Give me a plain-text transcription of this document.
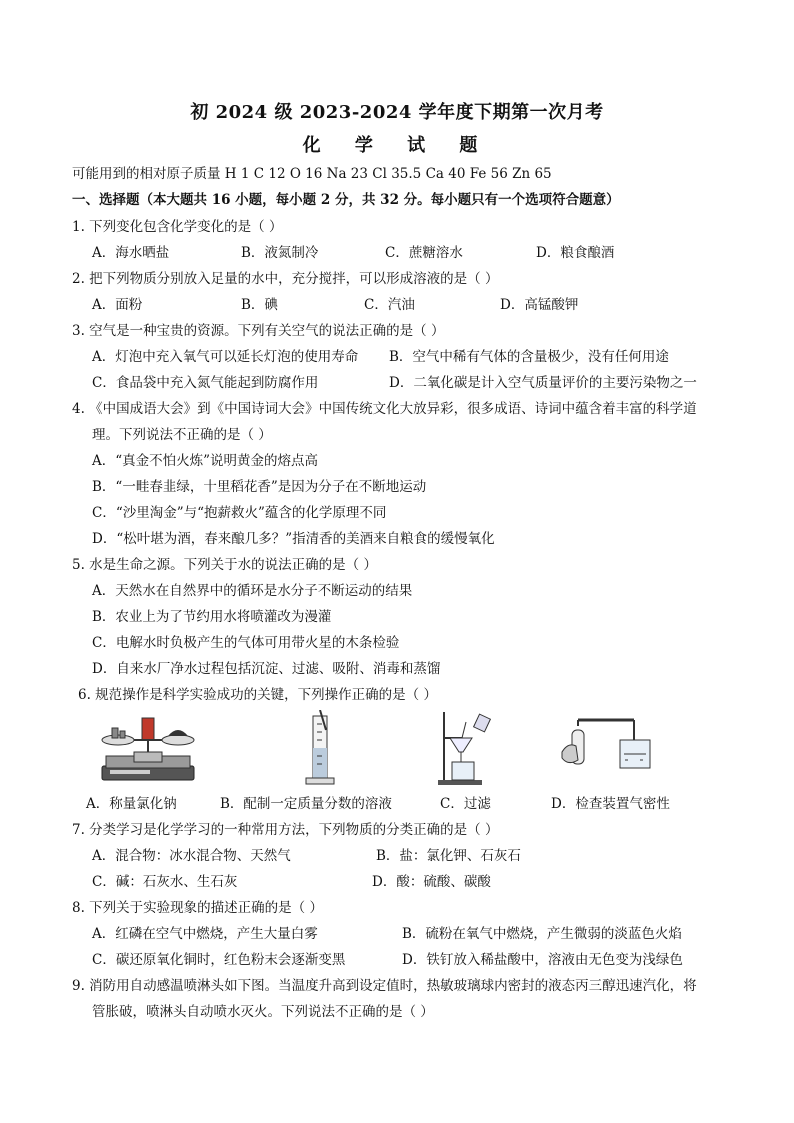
初 2024 级 2023-2024 学年度下期第一次月考
化 学 试 题
可能用到的相对原子质量 H 1 C 12 O 16 Na 23 Cl 35.5 Ca 40 Fe 56 Zn 65
一、选择题（本大题共 16 小题，每小题 2 分，共 32 分。每小题只有一个选项符合题意）
1. 下列变化包含化学变化的是（ ）
A．海水晒盐	B．液氮制冷	C．蔗糖溶水	D．粮食酿酒
2. 把下列物质分别放入足量的水中，充分搅拌，可以形成溶液的是（ ）
A．面粉	B．碘	C．汽油	D．高锰酸钾
3. 空气是一种宝贵的资源。下列有关空气的说法正确的是（ ）
A．灯泡中充入氧气可以延长灯泡的使用寿命 B．空气中稀有气体的含量极少，没有任何用途
C．食品袋中充入氮气能起到防腐作用	D．二氧化碳是计入空气质量评价的主要污染物之一
4. 《中国成语大会》到《中国诗词大会》中国传统文化大放异彩，很多成语、诗词中蕴含着丰富的科学道
理。下列说法不正确的是（ ）
A．“真金不怕火炼”说明黄金的熔点高
B．“一畦春韭绿，十里稻花香”是因为分子在不断地运动
C．“沙里淘金”与“抱薪救火”蕴含的化学原理不同
D．“松叶堪为酒，春来酿几多？”指清香的美酒来自粮食的缓慢氧化
5. 水是生命之源。下列关于水的说法正确的是（ ）
A．天然水在自然界中的循环是水分子不断运动的结果
B．农业上为了节约用水将喷灌改为漫灌
C．电解水时负极产生的气体可用带火星的木条检验
D．自来水厂净水过程包括沉淀、过滤、吸附、消毒和蒸馏
6. 规范操作是科学实验成功的关键，下列操作正确的是（ ）
A．称量氯化钠	B．配制一定质量分数的溶液	C．过滤	D．检查装置气密性
7. 分类学习是化学学习的一种常用方法，下列物质的分类正确的是（ ）
A．混合物：冰水混合物、天然气	B．盐：氯化钾、石灰石
C．碱：石灰水、生石灰	D．酸：硫酸、碳酸
8. 下列关于实验现象的描述正确的是（ ）
A．红磷在空气中燃烧，产生大量白雾	B．硫粉在氧气中燃烧，产生微弱的淡蓝色火焰
C．碳还原氧化铜时，红色粉末会逐渐变黑	D．铁钉放入稀盐酸中，溶液由无色变为浅绿色
9. 消防用自动感温喷淋头如下图。当温度升高到设定值时，热敏玻璃球内密封的液态丙三醇迅速汽化，将
管胀破，喷淋头自动喷水灭火。下列说法不正确的是（ ）
